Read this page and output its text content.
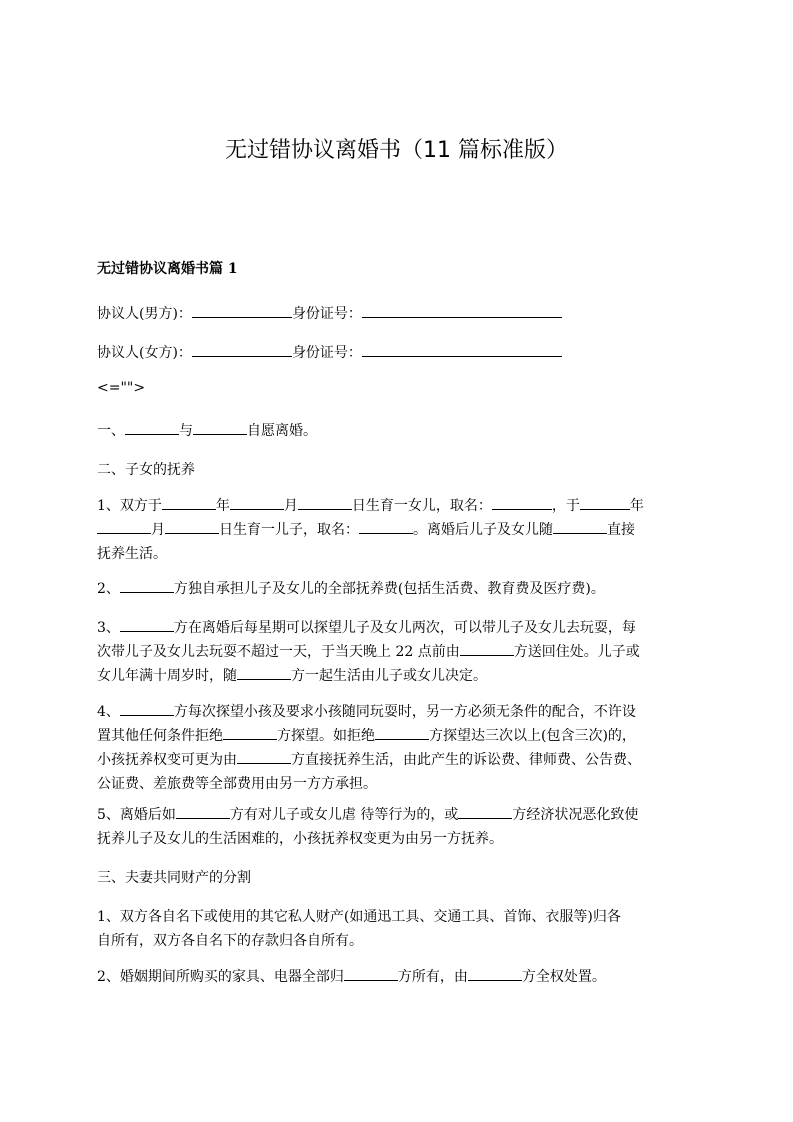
无过错协议离婚书（11 篇标准版）
无过错协议离婚书篇 1
协议人(男方)：	身份证号：
协议人(女方)：	身份证号：
<="">
一、	与	自愿离婚。
二、子女的抚养
1、双方于	年	月	日生育一女儿，取名：	，于	年
月	日生育一儿子，取名：	。离婚后儿子及女儿随	直接
抚养生活。
2、	方独自承担儿子及女儿的全部抚养费(包括生活费、教育费及医疗费)。
3、	方在离婚后每星期可以探望儿子及女儿两次，可以带儿子及女儿去玩耍，每
次带儿子及女儿去玩耍不超过一天，于当天晚上 22 点前由	方送回住处。儿子或
女儿年满十周岁时，随	方一起生活由儿子或女儿决定。
4、	方每次探望小孩及要求小孩随同玩耍时，另一方必须无条件的配合，不许设
置其他任何条件拒绝	方探望。如拒绝	方探望达三次以上(包含三次)的，
小孩抚养权变可更为由	方直接抚养生活，由此产生的诉讼费、律师费、公告费、
公证费、差旅费等全部费用由另一方方承担。
5、离婚后如	方有对儿子或女儿虐 待等行为的，或	方经济状况恶化致使
抚养儿子及女儿的生活困难的，小孩抚养权变更为由另一方抚养。
三、夫妻共同财产的分割
1、双方各自名下或使用的其它私人财产(如通迅工具、交通工具、首饰、衣服等)归各
自所有，双方各自名下的存款归各自所有。
2、婚姻期间所购买的家具、电器全部归	方所有，由	方全权处置。
